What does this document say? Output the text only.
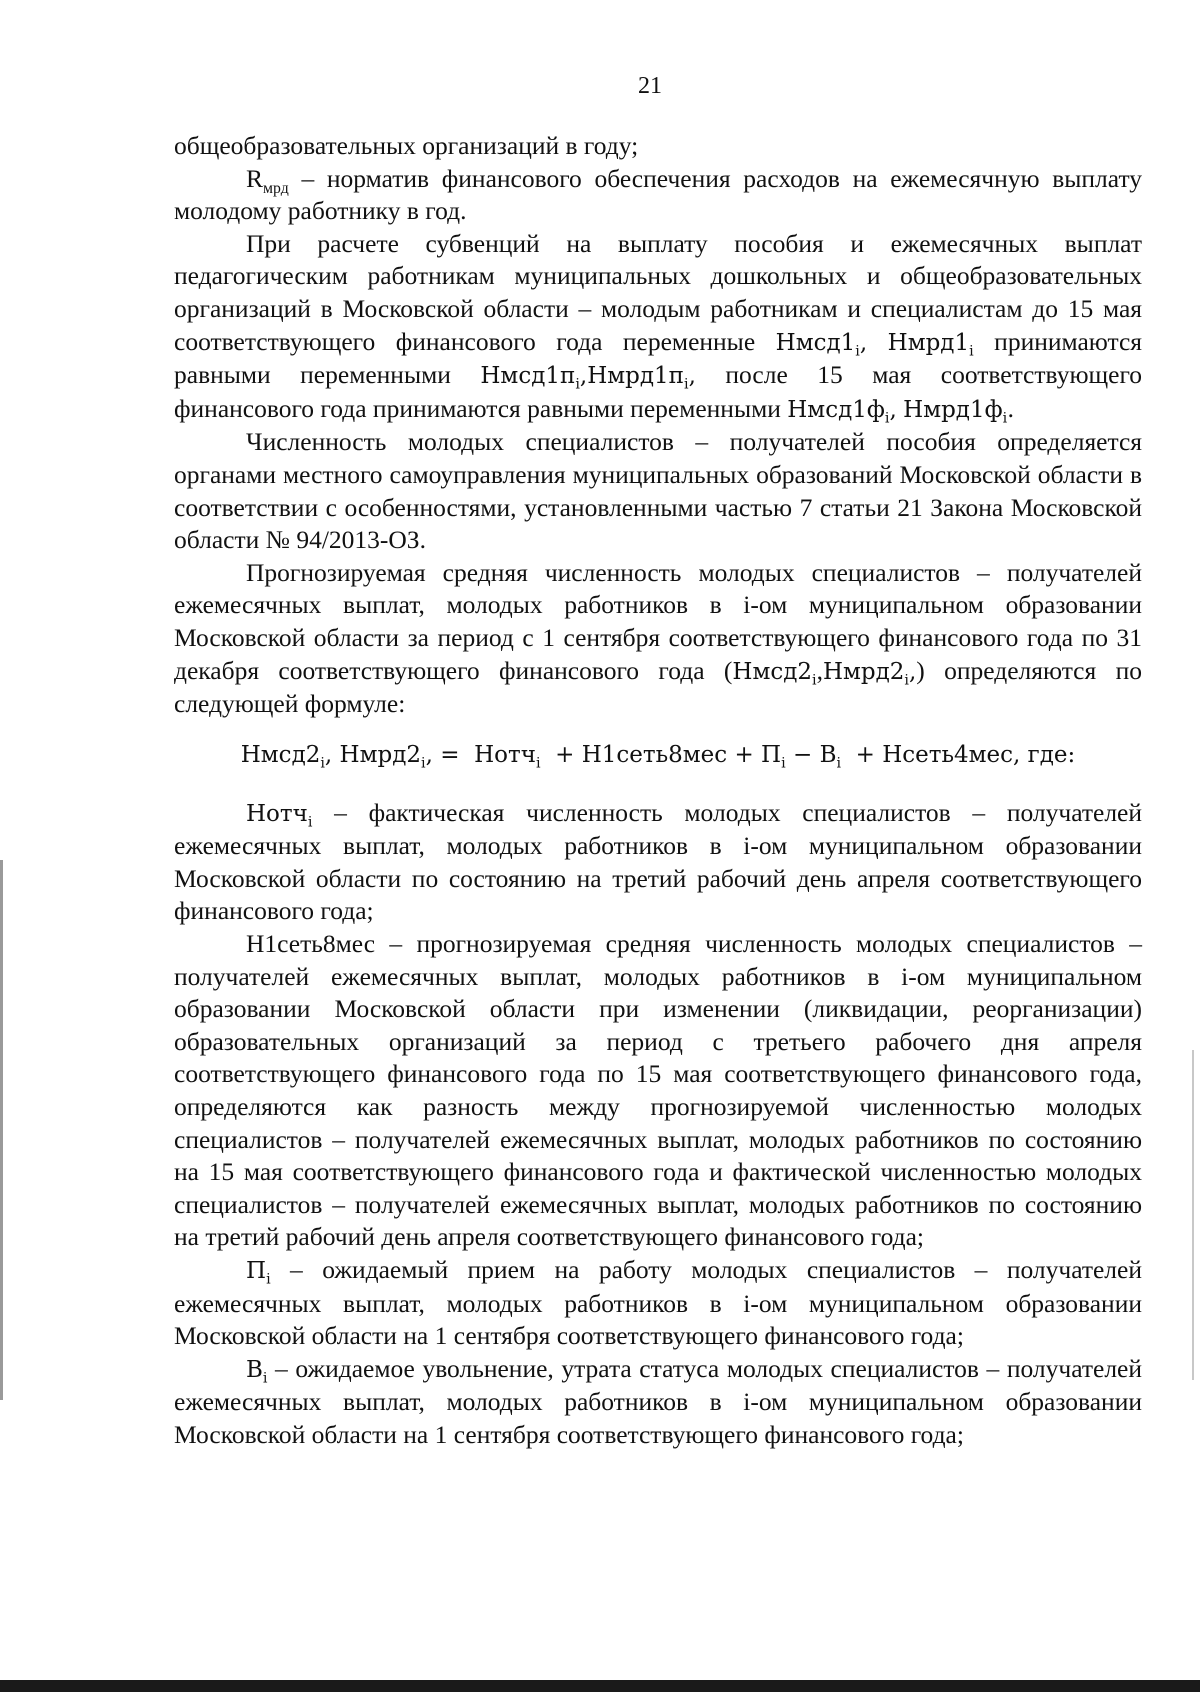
21

общеобразовательных организаций в году;

$R_{мрд}$ – норматив финансового обеспечения расходов на ежемесячную выплату молодому работнику в год.

При расчете субвенций на выплату пособия и ежемесячных выплат педагогическим работникам муниципальных дошкольных и общеобразовательных организаций в Московской области – молодым работникам и специалистам до 15 мая соответствующего финансового года переменные $Нмсд1_i$, $Нмрд1_i$ принимаются равными переменными $Нмсд1п_i,Нмрд1п_i$, после 15 мая соответствующего финансового года принимаются равными переменными $Нмсд1ф_i$, $Нмрд1ф_i$.

Численность молодых специалистов – получателей пособия определяется органами местного самоуправления муниципальных образований Московской области в соответствии с особенностями, установленными частью 7 статьи 21 Закона Московской области № 94/2013-ОЗ.

Прогнозируемая средняя численность молодых специалистов – получателей ежемесячных выплат, молодых работников в i-ом муниципальном образовании Московской области за период с 1 сентября соответствующего финансового года по 31 декабря соответствующего финансового года $(Нмсд2_i,Нмрд2_i,)$ определяются по следующей формуле:

$Нмсд2_i$, $Нмрд2_i$, =  Нотч$_i$ + Н1сеть8мес + $П_i - В_i$ + Нсеть4мес, где:

Нотч$_i$ – фактическая численность молодых специалистов – получателей ежемесячных выплат, молодых работников в i-ом муниципальном образовании Московской области по состоянию на третий рабочий день апреля соответствующего финансового года;

Н1сеть8мес – прогнозируемая средняя численность молодых специалистов – получателей ежемесячных выплат, молодых работников в i-ом муниципальном образовании Московской области при изменении (ликвидации, реорганизации) образовательных организаций за период с третьего рабочего дня апреля соответствующего финансового года по 15 мая соответствующего финансового года, определяются как разность между прогнозируемой численностью молодых специалистов – получателей ежемесячных выплат, молодых работников по состоянию на 15 мая соответствующего финансового года и фактической численностью молодых специалистов – получателей ежемесячных выплат, молодых работников по состоянию на третий рабочий день апреля соответствующего финансового года;

$П_i$ – ожидаемый прием на работу молодых специалистов – получателей ежемесячных выплат, молодых работников в i-ом муниципальном образовании Московской области на 1 сентября соответствующего финансового года;

$В_i$ – ожидаемое увольнение, утрата статуса молодых специалистов – получателей ежемесячных выплат, молодых работников в i-ом муниципальном образовании Московской области на 1 сентября соответствующего финансового года;
